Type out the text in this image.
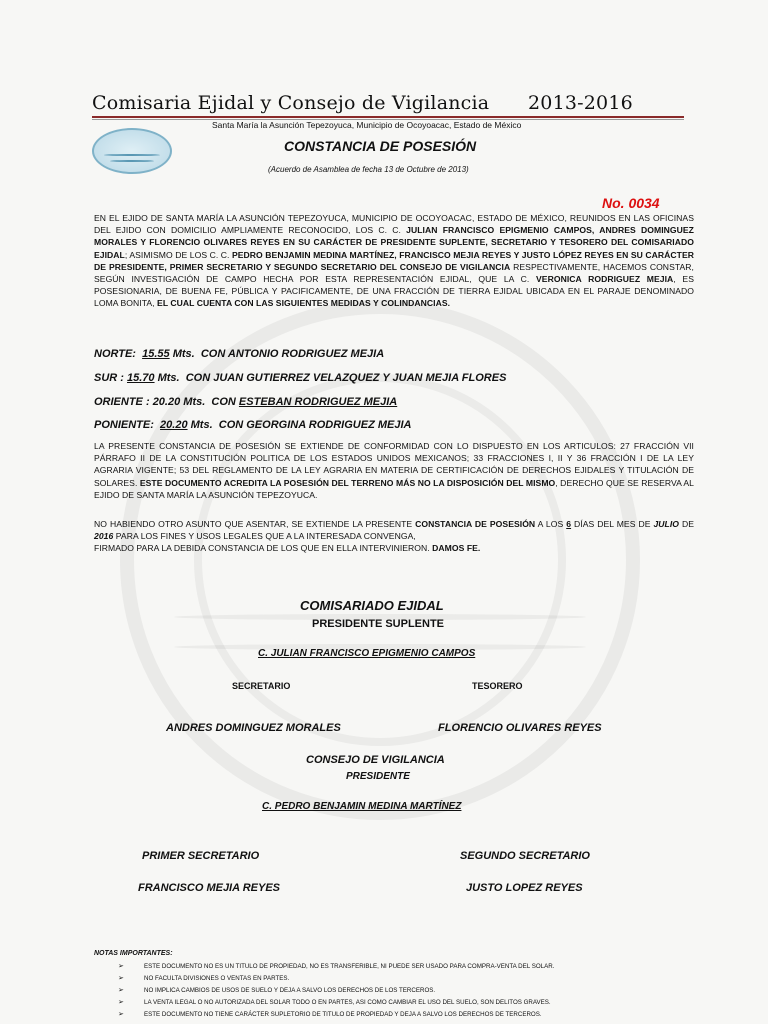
Comisaria Ejidal y Consejo de Vigilancia 2013-2016
Santa María la Asunción Tepezoyuca, Municipio de Ocoyoacac, Estado de México
CONSTANCIA DE POSESIÓN
(Acuerdo de Asamblea de fecha 13 de Octubre de 2013)
No. 0034
EN EL EJIDO DE SANTA MARÍA LA ASUNCIÓN TEPEZOYUCA, MUNICIPIO DE OCOYOACAC, ESTADO DE MÉXICO, REUNIDOS EN LAS OFICINAS DEL EJIDO CON DOMICILIO AMPLIAMENTE RECONOCIDO, LOS C. C. JULIAN FRANCISCO EPIGMENIO CAMPOS, ANDRES DOMINGUEZ MORALES Y FLORENCIO OLIVARES REYES EN SU CARÁCTER DE PRESIDENTE SUPLENTE, SECRETARIO Y TESORERO DEL COMISARIADO EJIDAL; ASIMISMO DE LOS C. C. PEDRO BENJAMIN MEDINA MARTÍNEZ, FRANCISCO MEJIA REYES Y JUSTO LÓPEZ REYES EN SU CARÁCTER DE PRESIDENTE, PRIMER SECRETARIO Y SEGUNDO SECRETARIO DEL CONSEJO DE VIGILANCIA RESPECTIVAMENTE, HACEMOS CONSTAR, SEGÚN INVESTIGACIÓN DE CAMPO HECHA POR ESTA REPRESENTACIÓN EJIDAL, QUE LA C. VERONICA RODRIGUEZ MEJIA, ES POSESIONARIA, DE BUENA FE, PÚBLICA Y PACIFICAMENTE, DE UNA FRACCIÓN DE TIERRA EJIDAL UBICADA EN EL PARAJE DENOMINADO LOMA BONITA, EL CUAL CUENTA CON LAS SIGUIENTES MEDIDAS Y COLINDANCIAS.
NORTE: 15.55 Mts. CON ANTONIO RODRIGUEZ MEJIA
SUR : 15.70 Mts. CON JUAN GUTIERREZ VELAZQUEZ Y JUAN MEJIA FLORES
ORIENTE : 20.20 Mts. CON ESTEBAN RODRIGUEZ MEJIA
PONIENTE: 20.20 Mts. CON GEORGINA RODRIGUEZ MEJIA
LA PRESENTE CONSTANCIA DE POSESIÓN SE EXTIENDE DE CONFORMIDAD CON LO DISPUESTO EN LOS ARTICULOS: 27 FRACCIÓN VII PÁRRAFO II DE LA CONSTITUCIÓN POLITICA DE LOS ESTADOS UNIDOS MEXICANOS; 33 FRACCIONES I, II Y 36 FRACCIÓN I DE LA LEY AGRARIA VIGENTE; 53 DEL REGLAMENTO DE LA LEY AGRARIA EN MATERIA DE CERTIFICACIÓN DE DERECHOS EJIDALES Y TITULACIÓN DE SOLARES. ESTE DOCUMENTO ACREDITA LA POSESIÓN DEL TERRENO MÁS NO LA DISPOSICIÓN DEL MISMO, DERECHO QUE SE RESERVA AL EJIDO DE SANTA MARÍA LA ASUNCIÓN TEPEZOYUCA.
NO HABIENDO OTRO ASUNTO QUE ASENTAR, SE EXTIENDE LA PRESENTE CONSTANCIA DE POSESIÓN A LOS 6 DÍAS DEL MES DE JULIO DE 2016 PARA LOS FINES Y USOS LEGALES QUE A LA INTERESADA CONVENGA,
FIRMADO PARA LA DEBIDA CONSTANCIA DE LOS QUE EN ELLA INTERVINIERON. DAMOS FE.
COMISARIADO EJIDAL
PRESIDENTE SUPLENTE
C. JULIAN FRANCISCO EPIGMENIO CAMPOS
SECRETARIO	TESORERO
ANDRES DOMINGUEZ MORALES	FLORENCIO OLIVARES REYES
CONSEJO DE VIGILANCIA
PRESIDENTE
C. PEDRO BENJAMIN MEDINA MARTÍNEZ
PRIMER SECRETARIO	SEGUNDO SECRETARIO
FRANCISCO MEJIA REYES	JUSTO LOPEZ REYES
NOTAS IMPORTANTES:
➢	ESTE DOCUMENTO NO ES UN TITULO DE PROPIEDAD, NO ES TRANSFERIBLE, NI PUEDE SER USADO PARA COMPRA-VENTA DEL SOLAR.
➢	NO FACULTA DIVISIONES O VENTAS EN PARTES.
➢	NO IMPLICA CAMBIOS DE USOS DE SUELO Y DEJA A SALVO LOS DERECHOS DE LOS TERCEROS.
➢	LA VENTA ILEGAL O NO AUTORIZADA DEL SOLAR TODO O EN PARTES, ASI COMO CAMBIAR EL USO DEL SUELO, SON DELITOS GRAVES.
➢	ESTE DOCUMENTO NO TIENE CARÁCTER SUPLETORIO DE TITULO DE PROPIEDAD Y DEJA A SALVO LOS DERECHOS DE TERCEROS.
